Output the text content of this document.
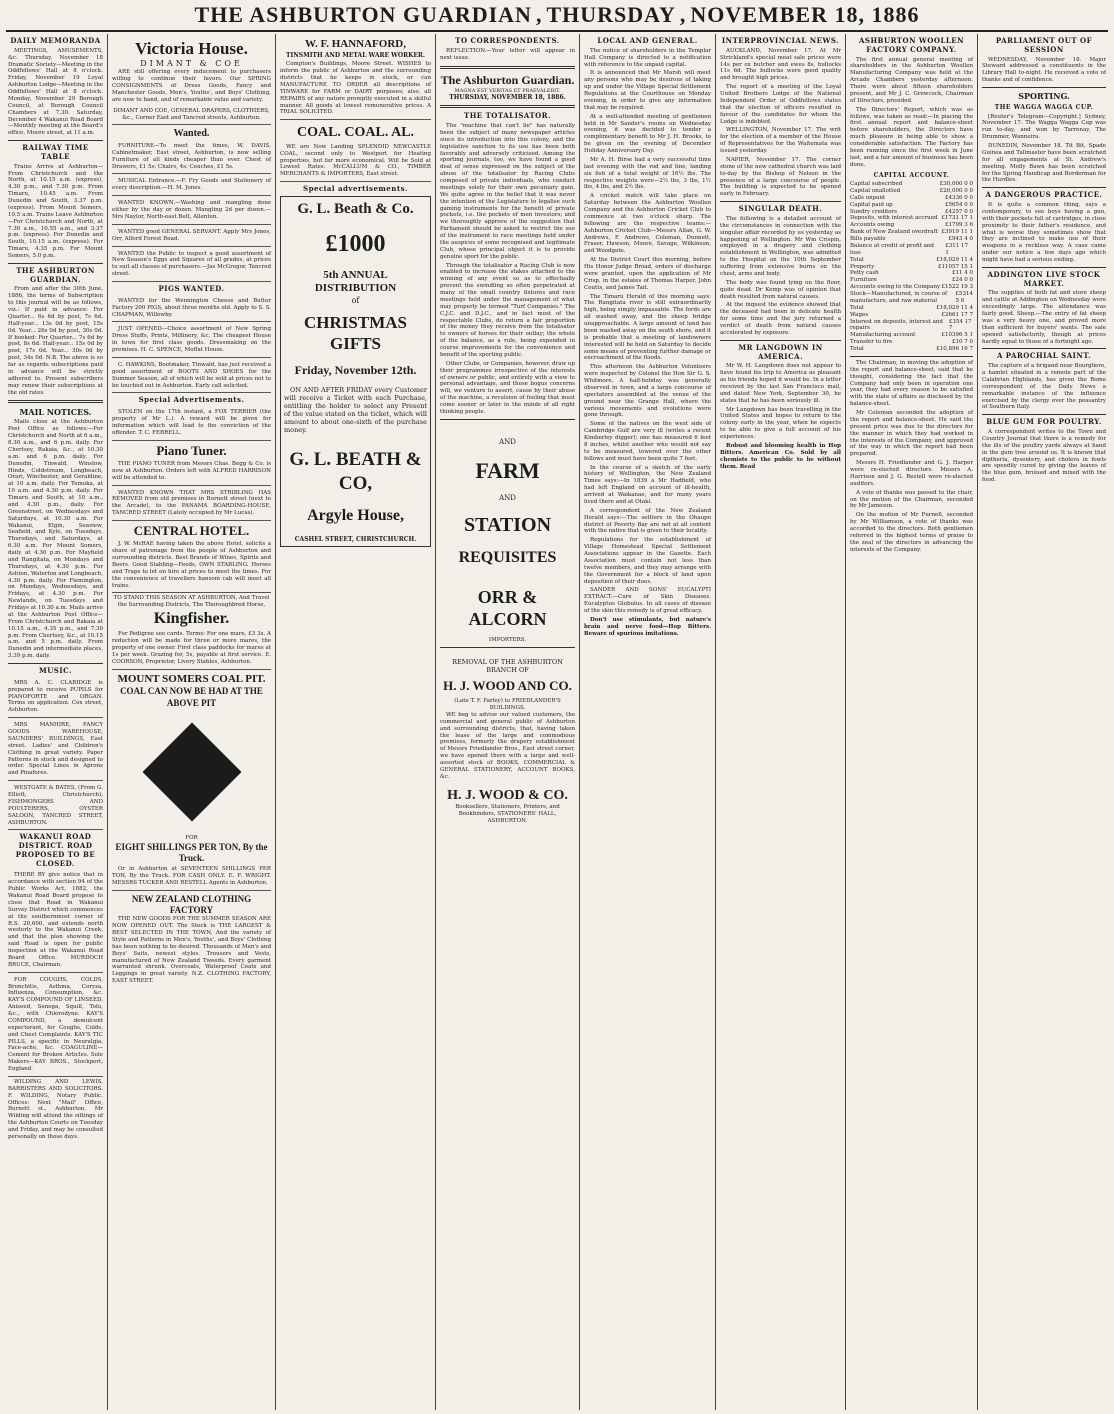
THE ASHBURTON GUARDIAN , THURSDAY , NOVEMBER 18, 1886
DAILY MEMORANDA
MEETINGS, AMUSEMENTS, &c. Thursday, November 18 Dramatic Society—Meeting in the Oddfellows' Hall at 8 o'clock. Friday, November 19 Loyal Ashburton Lodge—Meeting in the Oddfellows' Hall at 8 o'clock. Monday, November 29 Borough Council, at Borough Council Chambers at 7.30. Saturday, December 4 Wakanui Road Board—Monthly meeting at the Board's office, Moore street, at 11 a.m.
RAILWAY TIME TABLE
Trains Arrive at Ashburton—From Christchurch and the North, at 10.15 a.m. (express), 4.30 p.m., and 7.30 p.m. From Timaru, 10.45 a.m. From Dunedin and South, 3.37 p.m. (express). From Mount Somers, 10.5 a.m. Trains Leave Ashburton—For Christchurch and North, at 7.30 a.m., 10.55 a.m., and 3.37 p.m. (express). For Dunedin and South, 10.15 a.m. (express). For Timaru, 4.35 p.m. For Mount Somers, 5.0 p.m.
THE ASHBURTON GUARDIAN.
From and after the 30th June, 1886, the terms of Subscription to this journal will be as follows, viz.: If paid in advance: For Quarter... 6s 6d by post, 7s 6d. Half-year... 13s 0d by post, 15s 0d. Year... 26s 0d by post, 30s 0d. If booked: For Quarter... 7s 6d by post, 8s 6d. Half-year... 15s 0d by post, 17s 0d. Year... 30s 0d by post, 34s 0d. N.B. The above is so far as regards subscriptions paid in advance will be strictly adhered to. Present subscribers may renew their subscriptions at the old rates.
MAIL NOTICES.
Mails close at the Ashburton Post Office as follows:—For Christchurch and North at 6 a.m., 8.30 a.m., and 6 p.m. daily. For Chertsey, Rakaia, &c., at 10.30 a.m. and 6 p.m. daily. For Dunedin, Tinwald, Winslow, Hinds, Coldstream, Longbeach, Orari, Winchester, and Geraldine, at 10 a.m. daily. For Temuka, at 10 a.m. and 4.30 p.m. daily. For Timaru and South, at 10 a.m., and 4.30 p.m., daily. For Greenstreet, on Wednesdays and Saturdays, at 10.30 a.m. For Wakanui, Elgin, Seaview, Seafield, and Kyle, on Tuesdays, Thursdays, and Saturdays, at 6.30 a.m. For Mount Somers, daily at 4.30 p.m. For Mayfield and Rangitata, on Mondays and Thursdays, at 4.30 p.m. For Ashton, Waterton and Longbeach, 4.30 p.m. daily. For Flemington, on Mondays, Wednesdays, and Fridays, at 4.30 p.m. For Newlands, on Tuesdays and Fridays at 10.30 a.m. Mails arrive at the Ashburton Post Office—From Christchurch and Rakaia at 10.15 a.m., 4.35 p.m., and 7.30 p.m. From Chertsey, &c., at 10.15 a.m. and 5 p.m. daily. From Dunedin and intermediate places, 3.39 p.m. daily.
MUSIC.
MRS A. C. CLARIDGE is prepared to receive PUPILS for PIANOFORTE and ORGAN. Terms on application. Cox street, Ashburton.
MRS MANHIRE, FANCY GOODS WAREHOUSE, SAUNDERS' BUILDINGS, East street. Ladies' and Children's Clothing in great variety. Paper Patterns in stock and designed to order. Special Lines in Aprons and Pinafores.
WESTGATE & BATES, (From G. Elliott, Christchurch), FISHMONGERS AND POULTERERS, OYSTER SALOON, TANCRED STREET, ASHBURTON.
WAKANUI ROAD DISTRICT. ROAD PROPOSED TO BE CLOSED.
THERE BY give notice that in accordance with section 94 of the Public Works Act, 1882, the Wakanui Road Board propose to close that Road in Wakanui Survey District which commences at the southernmost corner of R.S. 20,600, and extends north westerly to the Wakanui Creek, and that the plan showing the said Road is open for public inspection at the Wakanui Road Board Office. MURDOCH BRUCE, Chairman.
FOR COUGHS, COLDS, Bronchitis, Asthma, Coryza, Influenza, Consumption, &c. KAY'S COMPOUND OF LINSEED, Aniseed, Senega, Squill, Tolu, &c., with Chlorodyne. KAY'S COMPOUND, a demulcent expectorant, for Coughs, Colds, and Chest Complaints. KAY'S TIC PILLS, a specific in Neuralgia, Face-ache, &c. COAGULINE—Cement for Broken Articles. Sole Makers—KAY BROS., Stockport, England.
WILDING AND LEWIS, BARRISTERS AND SOLICITORS. F. WILDING, Notary Public. Offices: Next "Mail" Office, Burnett st., Ashburton. Mr Wilding will attend the sittings of the Ashburton Courts on Tuesday and Friday, and may be consulted personally on those days.
Victoria House.
DIMANT & COE
ARE still offering every inducement to purchasers willing to continue their favors. Our SPRING CONSIGNMENTS of Dress Goods, Fancy and Manchester Goods, Men's, Youths', and Boys' Clothing, are now to hand, and of remarkable value and variety.
DIMANT AND COE, GENERAL DRAPERS, CLOTHIERS, &c., Corner East and Tancred streets, Ashburton.
Wanted.
FURNITURE—To meet the times, W. DAVIS, Cabinetmaker, East street, Ashburton, is now selling Furniture of all kinds cheaper than ever. Chest of Drawers, £1 5s; Chairs, 4s; Couches, £1 5s.
MUSICAL Entrance.—F. Fry Goods and Stationery of every description.—H. M. Jones.
WANTED KNOWN.—Washing and mangling done either by the day or dozen. Mangling 2d per dozen.—Mrs Naylor, North-east Belt, Allenton.
WANTED good GENERAL SERVANT. Apply Mrs Jones, Orr, Alford Forest Road.
WANTED the Public to inspect a good assortment of New Season's Eggs and Squares of all grades, at prices to suit all classes of purchasers.—Jas McGregor, Tancred street.
PIGS WANTED.
WANTED for the Wennington Cheese and Butter Factory 200 PIGS, about three months old. Apply to S. S. CHAPMAN, Willowby.
JUST OPENED—Choice assortment of New Spring Dress Stuffs, Prints, Millinery, &c. The cheapest House in town for first class goods. Dressmaking on the premises. H. C. SPENCE, Moffat House.
C. HAWKINS, Bootmaker, Tinwald, has just received a good assortment of BOOTS AND SHOES for the Summer Season, all of which will be sold at prices not to be touched out in Ashburton. Early call solicited.
Special Advertisements.
STOLEN on the 17th instant, a FOX TERRIER (the property of Mr L.). A reward will be given for information which will lead to the conviction of the offender. T. C. FERRELL.
Piano Tuner.
THE PIANO TUNER from Messrs Chas. Begg & Co. is now at Ashburton. Orders left with ALFRED HARRISON will be attended to.
WANTED KNOWN THAT MRS STRIBLING HAS REMOVED from old premises in Burnett street (next to the Arcade), to the PANAMA BOARDING-HOUSE, TANCRED STREET (Lately occupied by Mr Lucas).
CENTRAL HOTEL.
J. W. McRAE having taken the above Hotel, solicits a share of patronage from the people of Ashburton and surrounding districts. Best Brands of Wines, Spirits and Beers. Good Stabling—Feeds, OWN STABLING. Horses and Traps to let on hire at prices to meet the times. For the convenience of travellers hansom cab will meet all trains.
TO STAND THIS SEASON AT ASHBURTON, And Travel the Surrounding Districts, The Thoroughbred Horse,
Kingfisher.
For Pedigree see cards. Terms: For one mare, £3 3s. A reduction will be made for three or more mares, the property of one owner. First class paddocks for mares at 1s per week. Grazing for, 5s, payable at first service. E. COORSON, Proprietor, Livery Stables, Ashburton.
MOUNT SOMERS COAL PIT.
COAL CAN NOW BE HAD AT THE ABOVE PIT
FOR
EIGHT SHILLINGS PER TON, By the Truck.
Or in Ashburton at SEVENTEEN SHILLINGS PER TON, By the Truck. FOR CASH ONLY. E. F. WRIGHT. MESSRS TUCKER AND RESTELL Agents in Ashburton.
NEW ZEALAND CLOTHING FACTORY
THE NEW GOODS FOR THE SUMMER SEASON ARE NOW OPENED OUT. The Stock is THE LARGEST & BEST SELECTED IN THE TOWN, And the variety of Style and Patterns in Men's, Youths', and Boys' Clothing has been nothing to be desired. Thousands of Men's and Boys' Suits, newest styles. Trousers and Vests, manufactured of New Zealand Tweeds. Every garment warranted shrunk. Overcoats, Waterproof Coats and Leggings in great variety. N.Z. CLOTHING FACTORY, EAST STREET.
W. F. HANNAFORD,
TINSMITH AND METAL WARE WORKER.
Compton's Buildings, Moore Street. WISHES to inform the public of Ashburton and the surrounding districts that he keeps in stock, or can MANUFACTURE TO ORDER all descriptions of TINWARE for FARM or DAIRY purposes; also, all REPAIRS of any nature promptly executed in a skilful manner. All goods at lowest remunerative prices. A TRIAL SOLICITED.
COAL. COAL. AL.
WE are Now Landing SPLENDID NEWCASTLE COAL, second only to Westport for Heating properties, but far more economical. Will be Sold at Lowest Rates. McCALLUM & CO., TIMBER MERCHANTS & IMPORTERS, East street.
Special advertisements.
G. L. Beath & Co.
£1000
5th ANNUAL DISTRIBUTION
of
CHRISTMAS GIFTS
Friday, November 12th.
ON AND AFTER FRIDAY every Customer will receive a Ticket with each Purchase, entitling the holder to select any Present of the value stated on the ticket, which will amount to about one-sixth of the purchase money.
G. L. BEATH & CO,
Argyle House,
CASHEL STREET, CHRISTCHURCH.
TO CORRESPONDENTS.
REFLECTION.—Your letter will appear in next issue.
The Ashburton Guardian.
MAGNA EST VERITAS ET PRAEVALEBIT.
THURSDAY, NOVEMBER 18, 1886.
THE TOTALISATOR.
The "machine that can't lie" has naturally been the subject of many newspaper articles since its introduction into this colony, and the legislative sanction to its use has been both favorably and adversely criticised. Among the sporting journals, too, we have found a good deal of sense expressed on the subject of the abuse of the totalisator by Racing Clubs composed of private individuals, who conduct meetings solely for their own pecuniary gain. We quite agree in the belief that it was never the intention of the Legislature to legalise such gaming instruments for the benefit of private pockets, i.e. the pockets of men investors; and we thoroughly approve of the suggestion that Parliament should be asked to restrict the use of the instrument to race meetings held under the auspices of some recognised and legitimate Club, whose principal object it is to provide genuine sport for the public.
Through the totalisator a Racing Club is now enabled to increase the stakes attached to the winning of any event so as to effectually prevent the swindling so often perpetrated at many of the small country fixtures and race meetings held under the management of what may properly be termed "Turf Companies." The C.J.C. and D.J.C., and in fact most of the respectable Clubs, do return a fair proportion of the money they receive from the totalisator to owners of horses for their outlay; the whole of the balance, as a rule, being expended in course improvements for the convenience and benefit of the sporting public.
Other Clubs, or Companies, however, draw up their programmes irrespective of the interests of owners or public, and entirely with a view to personal advantage, and these bogus concerns will, we venture to assert, cause by their abuse of the machine, a revulsion of feeling that must come sooner or later in the minds of all right thinking people.
AND
FARM
AND
STATION
REQUISITES
ORR & ALCORN
IMPORTERS.
REMOVAL OF THE ASHBURTON BRANCH OF
H. J. WOOD AND CO.
(Late T. F. Farley) to FRIEDLANDER'S BUILDINGS.
WE beg to advise our valued customers, the commercial and general public of Ashburton and surrounding districts, that, having taken the lease of the large and commodious premises, formerly the drapery establishment of Messrs Friedlander Bros., East street corner, we have opened there with a large and well-assorted stock of BOOKS, COMMERCIAL & GENERAL STATIONERY, ACCOUNT BOOKS, &c.
H. J. WOOD & CO.
Booksellers, Stationers, Printers, and Bookbinders, STATIONERS' HALL, ASHBURTON.
LOCAL AND GENERAL.
The notice of shareholders in the Templar Hall Company is directed to a notification with reference to the unpaid capital.
It is announced that Mr Marsh will meet any persons who may be desirous of taking up and under the Village Special Settlement Regulations at the Courthouse on Monday evening, in order to give any information that may be required.
At a well-attended meeting of gentlemen held in Mr Sander's rooms on Wednesday evening, it was decided to tender a complimentary benefit to Mr J. H. Brooks, to be given on the evening of December Holiday Anniversary Day.
Mr A. H. Birse had a very successful time last evening with the rod and line, landing six fish of a total weight of 16½ lbs. The respective weights were—2½ lbs, 3 lbs, 1½ lbs, 4 lbs, and 2½ lbs.
A cricket match will take place on Saturday between the Ashburton Woollen Company and the Ashburton Cricket Club to commence at two o'clock sharp. The following are the respective teams:—Ashburton Cricket Club—Messrs Allan, G. W. Andrews, F. Andrews, Coleman, Dunnett, Fraser, Hawson, Moore, Savage, Wilkinson, and Woodgate.
At the District Court this morning, before His Honor Judge Broad, orders of discharge were granted, upon the application of Mr Crisp, in the estates of Thomas Harper, John Coutts, and James Tait.
The Timaru Herald of this morning says: The Rangitata river is still extraordinarily high, being simply impassable. The fords are all washed away, and the sheep bridge unapproachable. A large amount of land has been washed away on the south shore, and it is probable that a meeting of landowners interested will be held on Saturday to decide some means of preventing further damage or encroachment of the floods.
This afternoon the Ashburton Volunteers were inspected by Colonel the Hon Sir G. S. Whitmore. A half-holiday was generally observed in town, and a large concourse of spectators assembled at the venue of the ground near the Grange Hall, where the various movements and evolutions were gone through.
Some of the natives on the west side of Cambridge Gulf are very ill (writes a recent Kimberley digger); one has measured 6 feet 8 inches, whilst another who would not say to be measured, towered over the other fellows and must have been quite 7 feet.
In the course of a sketch of the early history of Wellington, the New Zealand Times says:—In 1839 a Mr Hadfield, who had left England on account of ill-health, arrived at Waikanae, and for many years lived there and at Otaki.
A correspondent of the New Zealand Herald says:—The settlers in the Ohaupo district of Poverty Bay are not at all content with the native that is given to their locality.
Regulations for the establishment of Village Homestead Special Settlement Associations appear in the Gazette. Each Association must contain not less than twelve members, and they may arrange with the Government for a block of land upon deposition of their dues.
SANDER AND SONS' EUCALYPTI EXTRACT.—Cure of Skin Diseases. Eucalyptus Globulus. In all cases of disease of the skin this remedy is of great efficacy.
Don't use stimulants, but nature's brain and nerve food—Hop Bitters. Beware of spurious imitations.
INTERPROVINCIAL NEWS.
AUCKLAND, November 17. At Mr Strickland's special meat sale prices were 14s per ox butcher and ewes 8s, bullocks 11s 6d. The bullocks were good quality and brought high prices.
The report of a meeting of the Loyal United Brothers Lodge of the National Independent Order of Oddfellows states that the election of officers resulted in favour of the candidates for whom the Lodge is indebted.
WELLINGTON, November 17. The writ for the election of a member of the House of Representatives for the Waitemata was issued yesterday.
NAPIER, November 17. The corner stone of the new cathedral church was laid to-day by the Bishop of Nelson in the presence of a large concourse of people. The building is expected to be opened early in February.
SINGULAR DEATH.
The following is a detailed account of the circumstances in connection with the singular affair recorded by us yesterday as happening at Wellington. Mr Wm Crispin, employed in a drapery and clothing establishment in Wellington, was admitted to the Hospital on the 10th September suffering from extensive burns on the chest, arms and body.
The body was found lying on the floor, quite dead. Dr Kemp was of opinion that death resulted from natural causes.
At the inquest the evidence showed that the deceased had been in delicate health for some time and the jury returned a verdict of death from natural causes accelerated by exposure.
MR LANGDOWN IN AMERICA.
Mr W. H. Langdown does not appear to have found his trip to America as pleasant as his friends hoped it would be. In a letter received by the last San Francisco mail, and dated New York, September 30, he states that he has been seriously ill.
Mr Langdown has been travelling in the United States and hopes to return to the colony early in the year, when he expects to be able to give a full account of his experiences.
Robust and blooming health in Hop Bitters. American Co. Sold by all chemists to the public to be without them. Read
ASHBURTON WOOLLEN FACTORY COMPANY.
The first annual general meeting of shareholders in the Ashburton Woollen Manufacturing Company was held at the Arcade Chambers yesterday afternoon. There were about fifteen shareholders present, and Mr J. C. Grewcock, Chairman of Directors, presided.
The Directors' Report, which was as follows, was taken as read:—In placing the first annual report and balance-sheet before shareholders, the Directors have much pleasure in being able to show a considerable satisfaction. The Factory has been running since the first week in June last, and a fair amount of business has been done.
CAPITAL ACCOUNT.
Capital subscribed	£30,000 0 0
Capital unallotted	£20,000 0 0
Calls unpaid	£4336 0 0
Capital paid up	£5654 0 0
Sundry creditors	£4257 0 0
Deposits, with interest accrued £1731 17 1
Accounts owing	£1799 3 6
Bank of New Zealand overdraft £3919 11 1
Bills payable	£943 4 0
Balance at credit of profit and loss
£311 17 1
Total	£18,029 11 4
Property	£11057 15 1
Petty cash	£11 4 0
Furniture	£24 0 0
Accounts owing to the Company £1522 19 3
Stock—Manufactured, in course of manufacture, and raw material
£5314 5 6
Total	£18,029 11 4
Wages	£2661 17 7
Interest on deposits, interest and repairs
£354 17 7
Manufacturing account	£10396 5 1
Transfer to fire	£10 7 0
Total	£10,896 16 7
The Chairman, in moving the adoption of the report and balance-sheet, said that he thought, considering the fact that the Company had only been in operation one year, they had every reason to be satisfied with the state of affairs as disclosed by the balance-sheet.
Mr Coleman seconded the adoption of the report and balance-sheet. He said the present price was due to the directors for the manner in which they had worked in the interests of the Company, and approved of the way in which the report had been prepared.
Messrs H. Friedlander and G. J. Harper were re-elected directors. Messrs A. Harrison and J. G. Restell were re-elected auditors.
A vote of thanks was passed to the chair, on the motion of the Chairman, seconded by Mr Jameson.
On the motion of Mr Purnell, seconded by Mr Williamson, a vote of thanks was accorded to the directors. Both gentlemen referred in the highest terms of praise to the zeal of the directors in advancing the interests of the Company.
PARLIAMENT OUT OF SESSION
WEDNESDAY, November 18. Major Steward addressed a constituents in the Library Hall to-night. He received a vote of thanks and of confidence.
SPORTING.
THE WAGGA WAGGA CUP.
[Reuter's Telegram—Copyright.] Sydney, November 17. The Wagga Wagga Cup was run to-day, and won by Tarrenay, The Drummer, Wanneira.
DUNEDIN, November 18. Tit Bit, Spade Guinea and Tallmaster have been scratched for all engagements at St. Andrew's meeting. Molly Bawn has been scratched for the Spring Handicap and Borderman for the Hurdles.
A DANGEROUS PRACTICE.
It is quite a common thing, says a contemporary, to see boys having a gun, with their pockets full of cartridges, in close proximity to their father's residence, and what is worse they sometimes show that they are inclined to make use of their weapons in a reckless way. A case came under our notice a few days ago which might have had a serious ending.
ADDINGTON LIVE STOCK MARKET.
The supplies of both fat and store sheep and cattle at Addington on Wednesday were exceedingly large. The attendance was fairly good. Sheep.—The entry of fat sheep was a very heavy one, and proved more than sufficient for buyers' wants. The sale opened satisfactorily, though at prices hardly equal to those of a fortnight ago.
A PAROCHIAL SAINT.
The capture of a brigand near Bourgliere, a hamlet situated in a remote part of the Calabrian Highlands, has given the Rome correspondent of the Daily News a remarkable instance of the influence exercised by the clergy over the peasantry of Southern Italy.
BLUE GUM FOR POULTRY.
A correspondent writes to the Town and Country Journal that there is a remedy for the ills of the poultry yards always at hand in the gum tree around us. It is known that diptheria, dysentery, and cholera in fowls are speedily cured by giving the leaves of the blue gum, bruised and mixed with the food.
